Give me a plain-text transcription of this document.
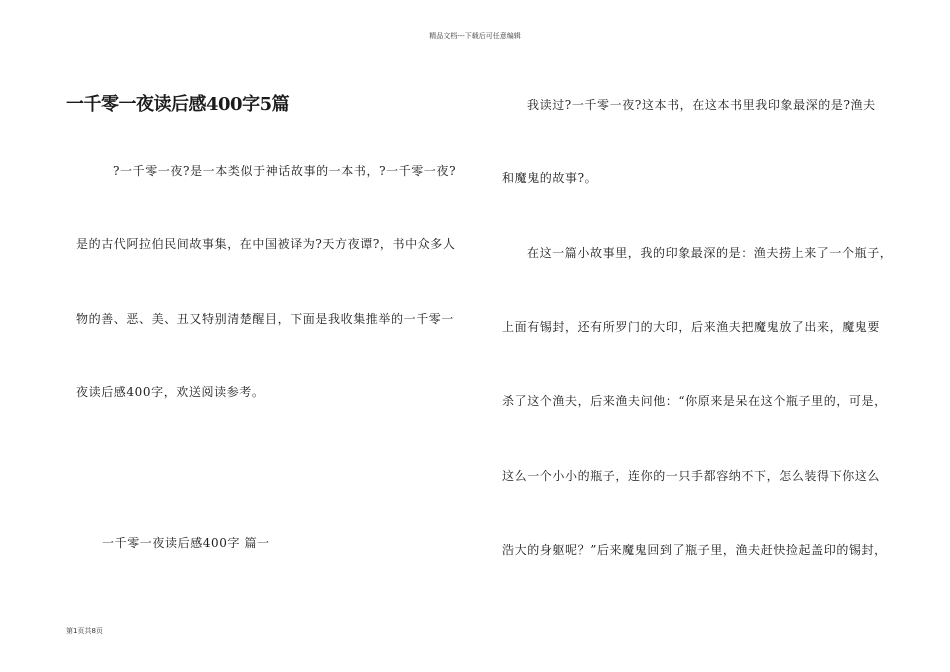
精品文档---下载后可任意编辑
一千零一夜读后感400字5篇
?一千零一夜?是一本类似于神话故事的一本书，?一千零一夜?
是的古代阿拉伯民间故事集，在中国被译为?天方夜谭?，书中众多人
物的善、恶、美、丑又特别清楚醒目，下面是我收集推举的一千零一
夜读后感400字，欢送阅读参考。
一千零一夜读后感400字 篇一
我读过?一千零一夜?这本书，在这本书里我印象最深的是?渔夫
和魔鬼的故事?。
在这一篇小故事里，我的印象最深的是：渔夫捞上来了一个瓶子，
上面有锡封，还有所罗门的大印，后来渔夫把魔鬼放了出来，魔鬼要
杀了这个渔夫，后来渔夫问他：“你原来是呆在这个瓶子里的，可是，
这么一个小小的瓶子，连你的一只手都容纳不下，怎么装得下你这么
浩大的身躯呢？”后来魔鬼回到了瓶子里，渔夫赶快捡起盖印的锡封，
第1页共8页
